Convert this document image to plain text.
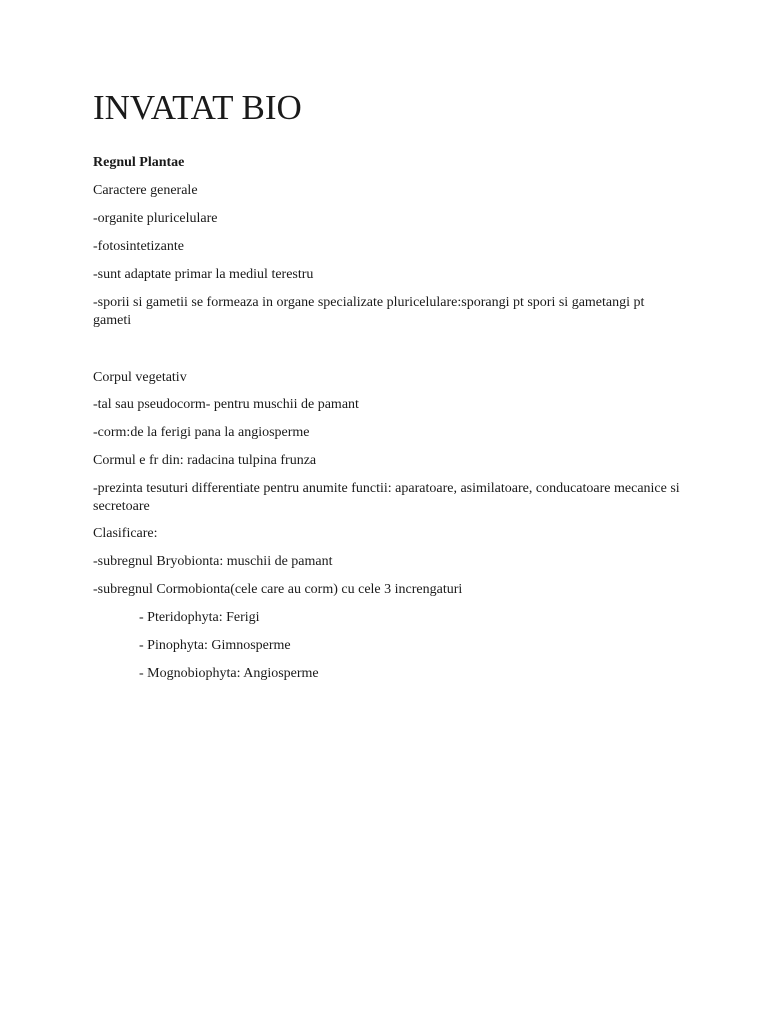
INVATAT BIO

Regnul Plantae

Caractere generale

-organite pluricelulare

-fotosintetizante

-sunt adaptate primar la mediul terestru

-sporii si gametii se formeaza in organe specializate pluricelulare:sporangi pt spori si gametangi pt gameti

Corpul vegetativ

-tal sau pseudocorm- pentru muschii de pamant

-corm:de la ferigi pana la angiosperme

Cormul e fr din: radacina tulpina frunza

-prezinta tesuturi differentiate pentru anumite functii: aparatoare, asimilatoare, conducatoare mecanice si secretoare

Clasificare:

-subregnul Bryobionta: muschii de pamant

-subregnul Cormobionta(cele care au corm) cu cele 3 increngaturi

- Pteridophyta: Ferigi

- Pinophyta: Gimnosperme

- Mognobiophyta: Angiosperme
